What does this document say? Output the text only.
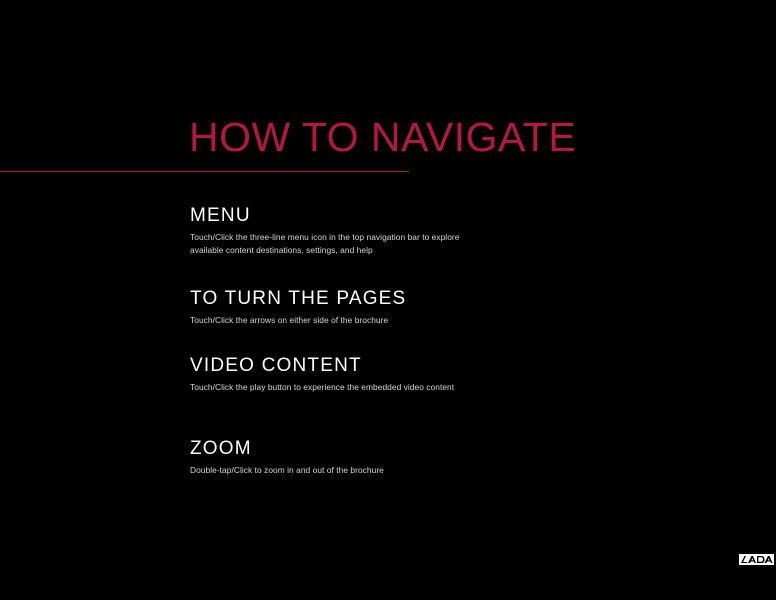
HOW TO NAVIGATE
MENU

Touch/Click the three-line menu icon in the top navigation bar to explore available content destinations, settings, and help

TO TURN THE PAGES

Touch/Click the arrows on either side of the brochure

VIDEO CONTENT

Touch/Click the play button to experience the embedded video content

ZOOM

Double-tap/Click to zoom in and out of the brochure
